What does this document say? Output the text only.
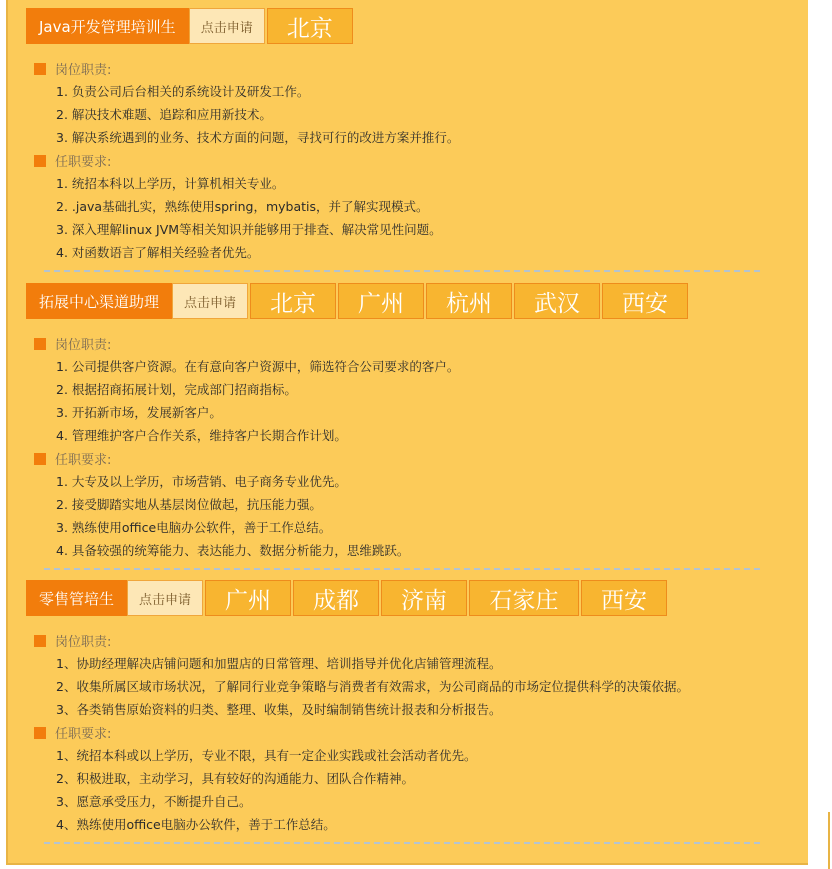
Java开发管理培训生	点击申请	北京
岗位职责:
1. 负责公司后台相关的系统设计及研发工作。
2. 解决技术难题、追踪和应用新技术。
3. 解决系统遇到的业务、技术方面的问题，寻找可行的改进方案并推行。
任职要求:
1. 统招本科以上学历，计算机相关专业。
2. .java基础扎实，熟练使用spring，mybatis，并了解实现模式。
3. 深入理解linux JVM等相关知识并能够用于排查、解决常见性问题。
4. 对函数语言了解相关经验者优先。
拓展中心渠道助理	点击申请	北京	广州	杭州	武汉	西安
岗位职责:
1. 公司提供客户资源。在有意向客户资源中，筛选符合公司要求的客户。
2. 根据招商拓展计划，完成部门招商指标。
3. 开拓新市场，发展新客户。
4. 管理维护客户合作关系，维持客户长期合作计划。
任职要求:
1. 大专及以上学历，市场营销、电子商务专业优先。
2. 接受脚踏实地从基层岗位做起，抗压能力强。
3. 熟练使用office电脑办公软件，善于工作总结。
4. 具备较强的统筹能力、表达能力、数据分析能力，思维跳跃。
零售管培生	点击申请	广州	成都	济南	石家庄	西安
岗位职责:
1、协助经理解决店铺问题和加盟店的日常管理、培训指导并优化店铺管理流程。
2、收集所属区域市场状况，了解同行业竞争策略与消费者有效需求，为公司商品的市场定位提供科学的决策依据。
3、各类销售原始资料的归类、整理、收集，及时编制销售统计报表和分析报告。
任职要求:
1、统招本科或以上学历，专业不限，具有一定企业实践或社会活动者优先。
2、积极进取，主动学习，具有较好的沟通能力、团队合作精神。
3、愿意承受压力，不断提升自己。
4、熟练使用office电脑办公软件，善于工作总结。
